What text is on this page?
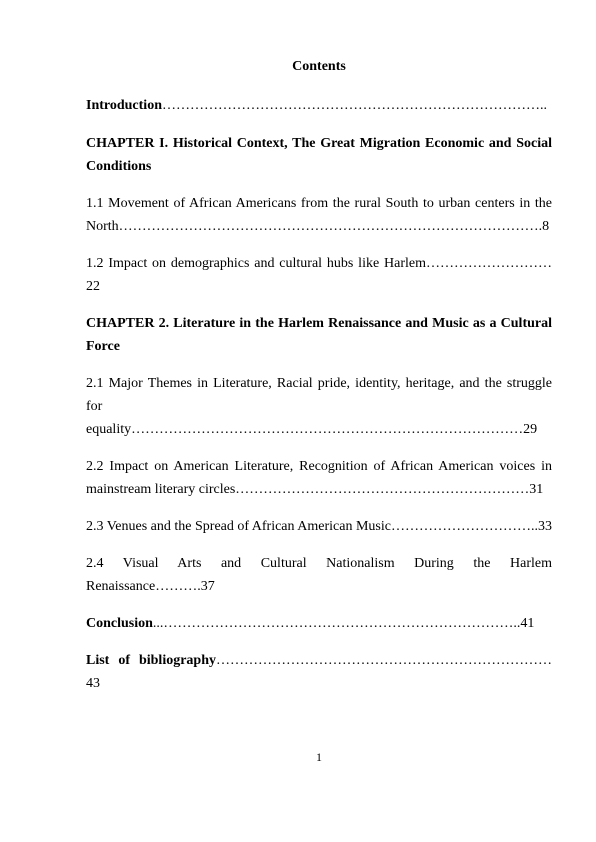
Contents

Introduction………………………………………………………………………..

CHAPTER I. Historical Context, The Great Migration Economic and Social Conditions

1.1 Movement of African Americans from the rural South to urban centers in the North……………………………………………………………………………….8

1.2 Impact on demographics and cultural hubs like Harlem……………………… 22

CHAPTER 2. Literature in the Harlem Renaissance and Music as a Cultural Force

2.1 Major Themes in Literature, Racial pride, identity, heritage, and the struggle for

equality…………………………………………………………………………29

2.2 Impact on American Literature, Recognition of African American voices in mainstream literary circles………………………………………………………31

2.3 Venues and the Spread of African American Music…………………………..33

2.4 Visual Arts and Cultural Nationalism During the Harlem Renaissance……….37

Conclusion...…………………………………………………………………..41

List of bibliography……………………………………………………………… 43

1
